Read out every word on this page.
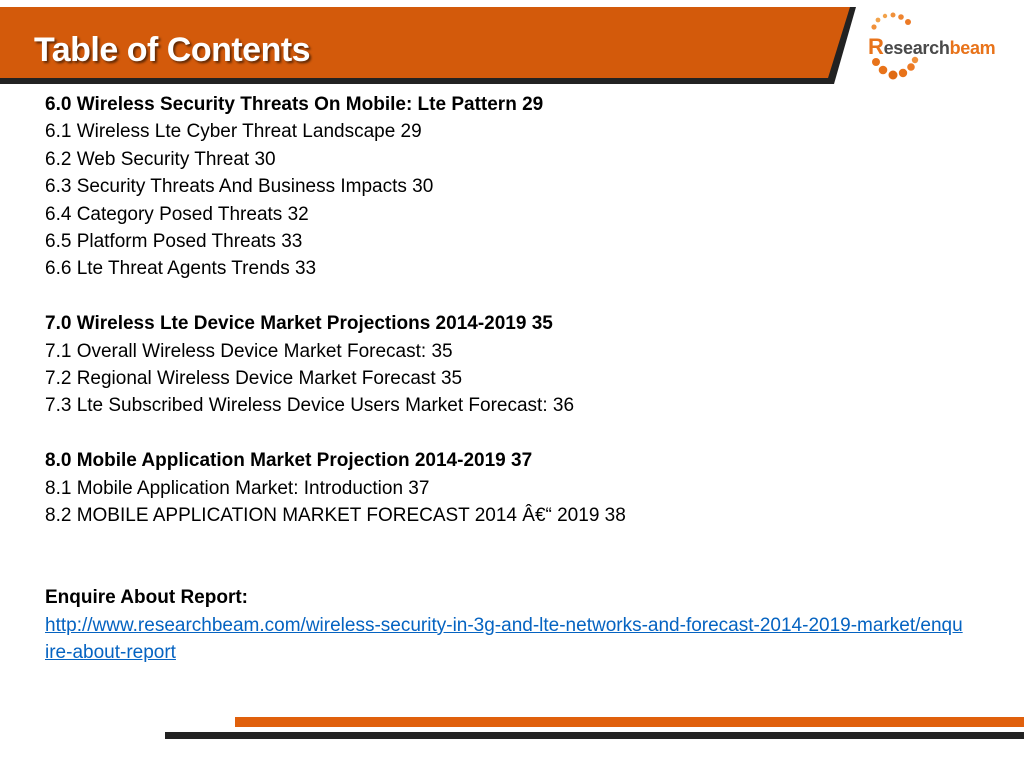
Table of Contents	Researchbeam
6.0 Wireless Security Threats On Mobile: Lte Pattern 29
6.1 Wireless Lte Cyber Threat Landscape 29
6.2 Web Security Threat 30
6.3 Security Threats And Business Impacts 30
6.4 Category Posed Threats 32
6.5 Platform Posed Threats 33
6.6 Lte Threat Agents Trends 33
7.0 Wireless Lte Device Market Projections 2014-2019 35
7.1 Overall Wireless Device Market Forecast: 35
7.2 Regional Wireless Device Market Forecast 35
7.3 Lte Subscribed Wireless Device Users Market Forecast: 36
8.0 Mobile Application Market Projection 2014-2019 37
8.1 Mobile Application Market: Introduction 37
8.2 MOBILE APPLICATION MARKET FORECAST 2014 Â€“ 2019 38
Enquire About Report:
http://www.researchbeam.com/wireless-security-in-3g-and-lte-networks-and-forecast-2014-2019-market/enquire-about-report
